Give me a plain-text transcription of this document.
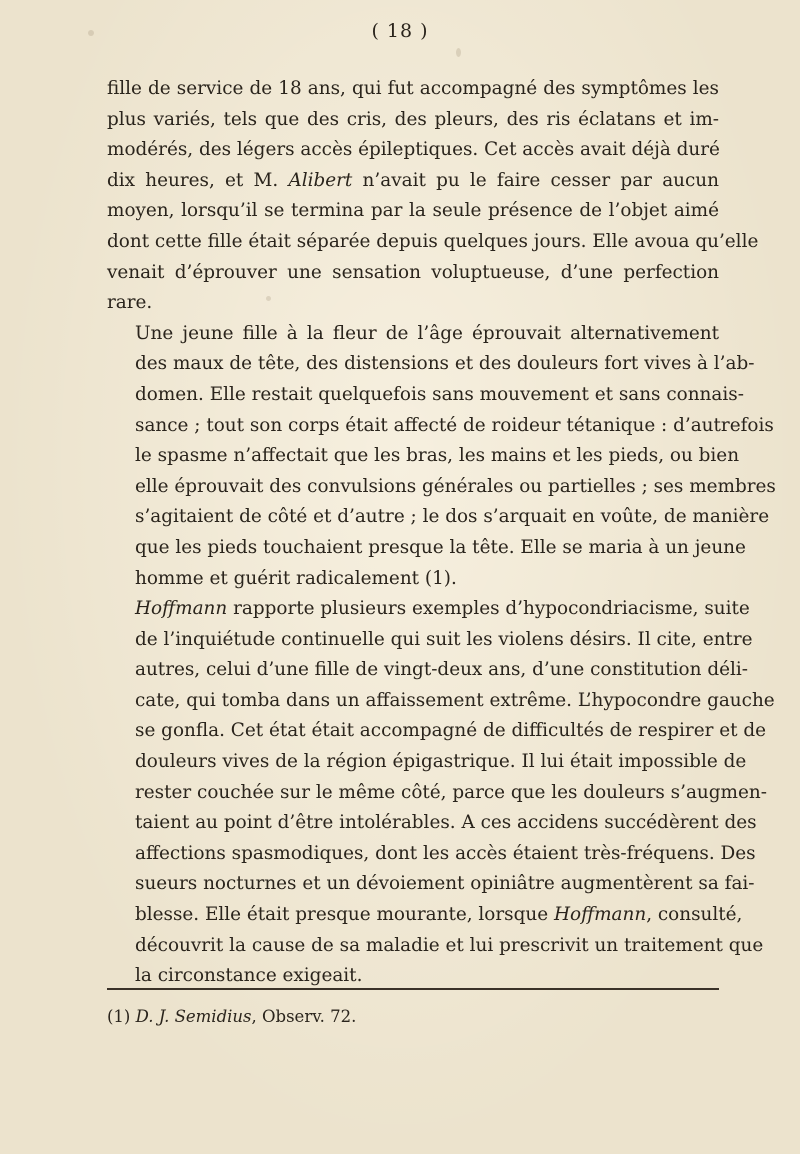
( 18 )
fille de service de 18 ans, qui fut accompagné des symptômes les
plus variés, tels que des cris, des pleurs, des ris éclatans et im-
modérés, des légers accès épileptiques. Cet accès avait déjà duré
dix heures, et M. Alibert n’avait pu le faire cesser par aucun
moyen, lorsqu’il se termina par la seule présence de l’objet aimé
dont cette fille était séparée depuis quelques jours. Elle avoua qu’elle
venait d’éprouver une sensation voluptueuse, d’une perfection
rare.
Une jeune fille à la fleur de l’âge éprouvait alternativement
des maux de tête, des distensions et des douleurs fort vives à l’ab-
domen. Elle restait quelquefois sans mouvement et sans connais-
sance ; tout son corps était affecté de roideur tétanique : d’autrefois
le spasme n’affectait que les bras, les mains et les pieds, ou bien
elle éprouvait des convulsions générales ou partielles ; ses membres
s’agitaient de côté et d’autre ; le dos s’arquait en voûte, de manière
que les pieds touchaient presque la tête. Elle se maria à un jeune
homme et guérit radicalement (1).
Hoffmann rapporte plusieurs exemples d’hypocondriacisme, suite
de l’inquiétude continuelle qui suit les violens désirs. Il cite, entre
autres, celui d’une fille de vingt-deux ans, d’une constitution déli-
cate, qui tomba dans un affaissement extrême. L’hypocondre gauche
se gonfla. Cet état était accompagné de difficultés de respirer et de
douleurs vives de la région épigastrique. Il lui était impossible de
rester couchée sur le même côté, parce que les douleurs s’augmen-
taient au point d’être intolérables. A ces accidens succédèrent des
affections spasmodiques, dont les accès étaient très-fréquens. Des
sueurs nocturnes et un dévoiement opiniâtre augmentèrent sa fai-
blesse. Elle était presque mourante, lorsque Hoffmann, consulté,
découvrit la cause de sa maladie et lui prescrivit un traitement que
la circonstance exigeait.
(1) D. J. Semidius, Observ. 72.
